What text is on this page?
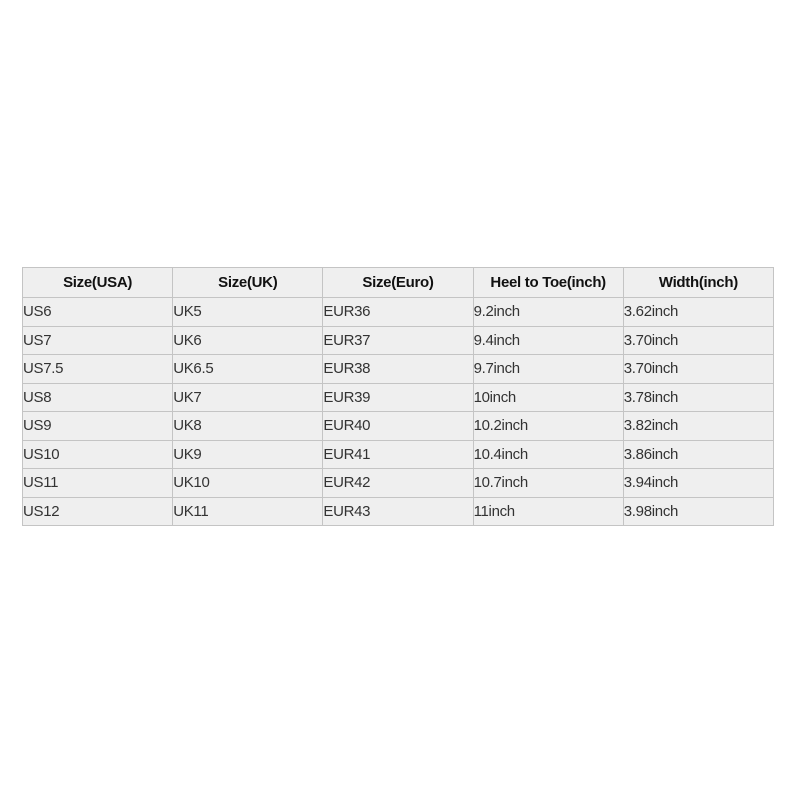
Size(USA)	Size(UK)	Size(Euro)	Heel to Toe(inch)	Width(inch)
US6	UK5	EUR36	9.2inch	3.62inch
US7	UK6	EUR37	9.4inch	3.70inch
US7.5	UK6.5	EUR38	9.7inch	3.70inch
US8	UK7	EUR39	10inch	3.78inch
US9	UK8	EUR40	10.2inch	3.82inch
US10	UK9	EUR41	10.4inch	3.86inch
US11	UK10	EUR42	10.7inch	3.94inch
US12	UK11	EUR43	11inch	3.98inch
